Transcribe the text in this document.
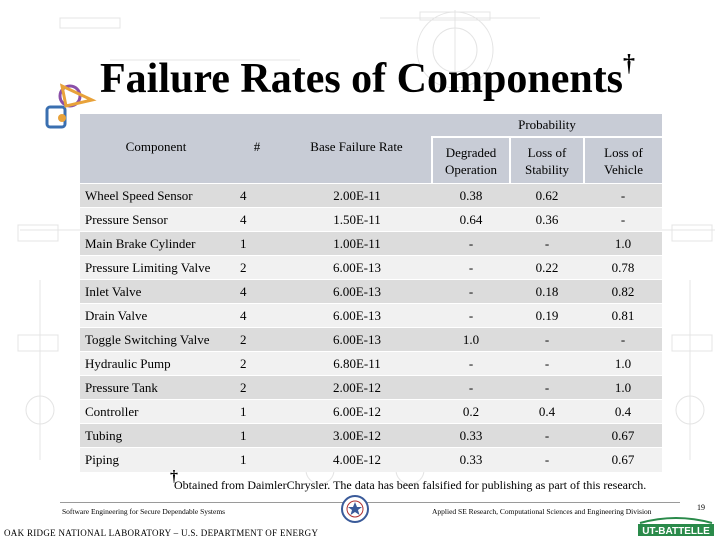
Failure Rates of Components†
			Probability		
Component	#	Base Failure Rate	Degraded Operation	Loss of Stability	Loss of Vehicle
Wheel Speed Sensor	4	2.00E-11	0.38	0.62	-
Pressure Sensor	4	1.50E-11	0.64	0.36	-
Main Brake Cylinder	1	1.00E-11	-	-	1.0
Pressure Limiting Valve	2	6.00E-13	-	0.22	0.78
Inlet Valve	4	6.00E-13	-	0.18	0.82
Drain Valve	4	6.00E-13	-	0.19	0.81
Toggle Switching Valve	2	6.00E-13	1.0	-	-
Hydraulic Pump	2	6.80E-11	-	-	1.0
Pressure Tank	2	2.00E-12	-	-	1.0
Controller	1	6.00E-12	0.2	0.4	0.4
Tubing	1	3.00E-12	0.33	-	0.67
Piping	1	4.00E-12	0.33	-	0.67
†
Obtained from DaimlerChrysler. The data has been falsified for publishing as part of this research.
Software Engineering for Secure Dependable Systems	Applied SE Research, Computational Sciences and Engineering Division	19
OAK RIDGE NATIONAL LABORATORY – U.S. DEPARTMENT OF ENERGY	UT-BATTELLE
